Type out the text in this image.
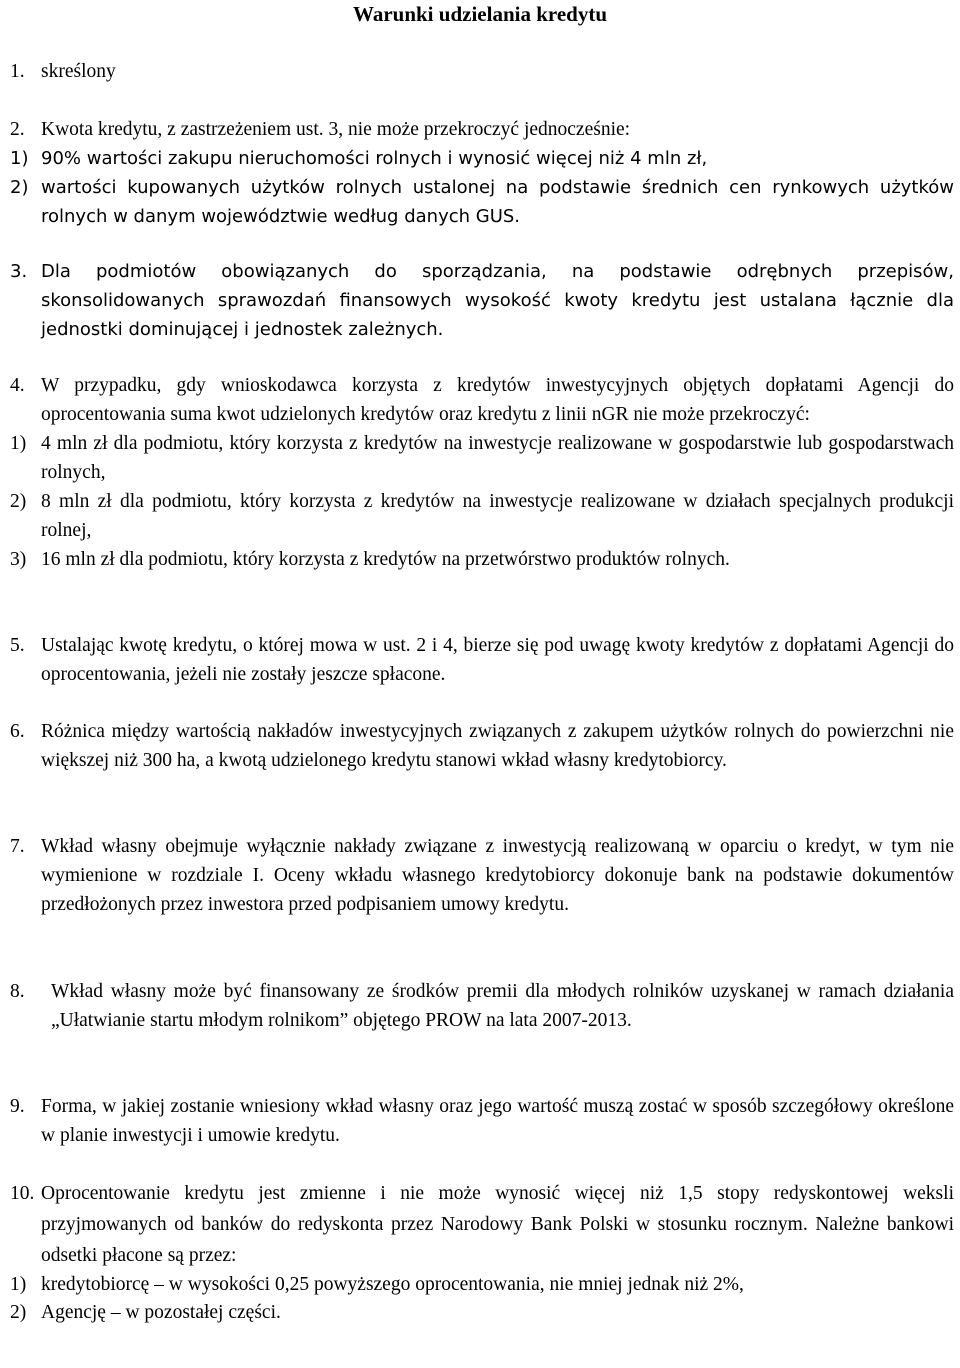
Warunki udzielania kredytu
1. skreślony
2. Kwota kredytu, z zastrzeżeniem ust. 3, nie może przekroczyć jednocześnie:
1) 90% wartości zakupu nieruchomości rolnych i wynosić więcej niż 4 mln zł,
2) wartości kupowanych użytków rolnych ustalonej na podstawie średnich cen rynkowych użytków rolnych w danym województwie według danych GUS.
3. Dla podmiotów obowiązanych do sporządzania, na podstawie odrębnych przepisów, skonsolidowanych sprawozdań finansowych wysokość kwoty kredytu jest ustalana łącznie dla jednostki dominującej i jednostek zależnych.
4. W przypadku, gdy wnioskodawca korzysta z kredytów inwestycyjnych objętych dopłatami Agencji do oprocentowania suma kwot udzielonych kredytów oraz kredytu z linii nGR nie może przekroczyć:
1) 4 mln zł dla podmiotu, który korzysta z kredytów na inwestycje realizowane w gospodarstwie lub gospodarstwach rolnych,
2) 8 mln zł dla podmiotu, który korzysta z kredytów na inwestycje realizowane w działach specjalnych produkcji rolnej,
3) 16 mln zł dla podmiotu, który korzysta z kredytów na przetwórstwo produktów rolnych.
5. Ustalając kwotę kredytu, o której mowa w ust. 2 i 4, bierze się pod uwagę kwoty kredytów z dopłatami Agencji do oprocentowania, jeżeli nie zostały jeszcze spłacone.
6. Różnica między wartością nakładów inwestycyjnych związanych z zakupem użytków rolnych do powierzchni nie większej niż 300 ha, a kwotą udzielonego kredytu stanowi wkład własny kredytobiorcy.
7. Wkład własny obejmuje wyłącznie nakłady związane z inwestycją realizowaną w oparciu o kredyt, w tym nie wymienione w rozdziale I. Oceny wkładu własnego kredytobiorcy dokonuje bank na podstawie dokumentów przedłożonych przez inwestora przed podpisaniem umowy kredytu.
8. Wkład własny może być finansowany ze środków premii dla młodych rolników uzyskanej w ramach działania „Ułatwianie startu młodym rolnikom” objętego PROW na lata 2007-2013.
9. Forma, w jakiej zostanie wniesiony wkład własny oraz jego wartość muszą zostać w sposób szczegółowy określone w planie inwestycji i umowie kredytu.
10. Oprocentowanie kredytu jest zmienne i nie może wynosić więcej niż 1,5 stopy redyskontowej weksli przyjmowanych od banków do redyskonta przez Narodowy Bank Polski w stosunku rocznym. Należne bankowi odsetki płacone są przez:
1) kredytobiorcę – w wysokości 0,25 powyższego oprocentowania, nie mniej jednak niż 2%,
2) Agencję – w pozostałej części.
